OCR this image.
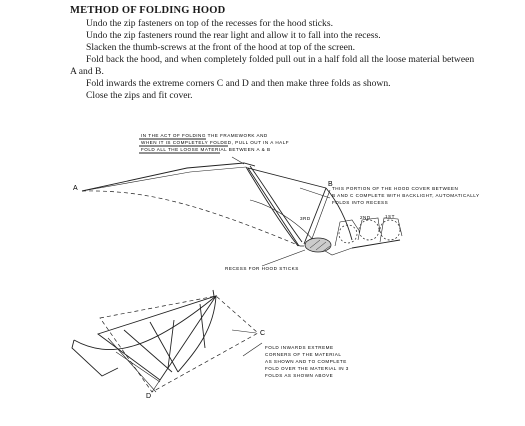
METHOD OF FOLDING HOOD

Undo the zip fasteners on top of the recesses for the hood sticks.

Undo the zip fasteners round the rear light and allow it to fall into the recess.

Slacken the thumb-screws at the front of the hood at top of the screen.

Fold back the hood, and when completely folded pull out in a half fold all the loose material between

A and B.

Fold inwards the extreme corners C and D and then make three folds as shown.

Close the zips and fit cover.

IN THE ACT OF FOLDING THE FRAMEWORK AND
WHEN IT IS COMPLETELY FOLDED, PULL OUT IN A HALF
FOLD ALL THE LOOSE MATERIAL BETWEEN A & B
A
B
THIS PORTION OF THE HOOD COVER BETWEEN
B AND C COMPLETE WITH BACKLIGHT, AUTOMATICALLY
FOLDS INTO RECESS
3RD	2ND	1ST
RECESS FOR HOOD STICKS
C
D
FOLD INWARDS EXTREME
CORNERS OF THE MATERIAL
AS SHOWN AND TO COMPLETE
FOLD OVER THE MATERIAL IN 3
FOLDS AS SHOWN ABOVE
